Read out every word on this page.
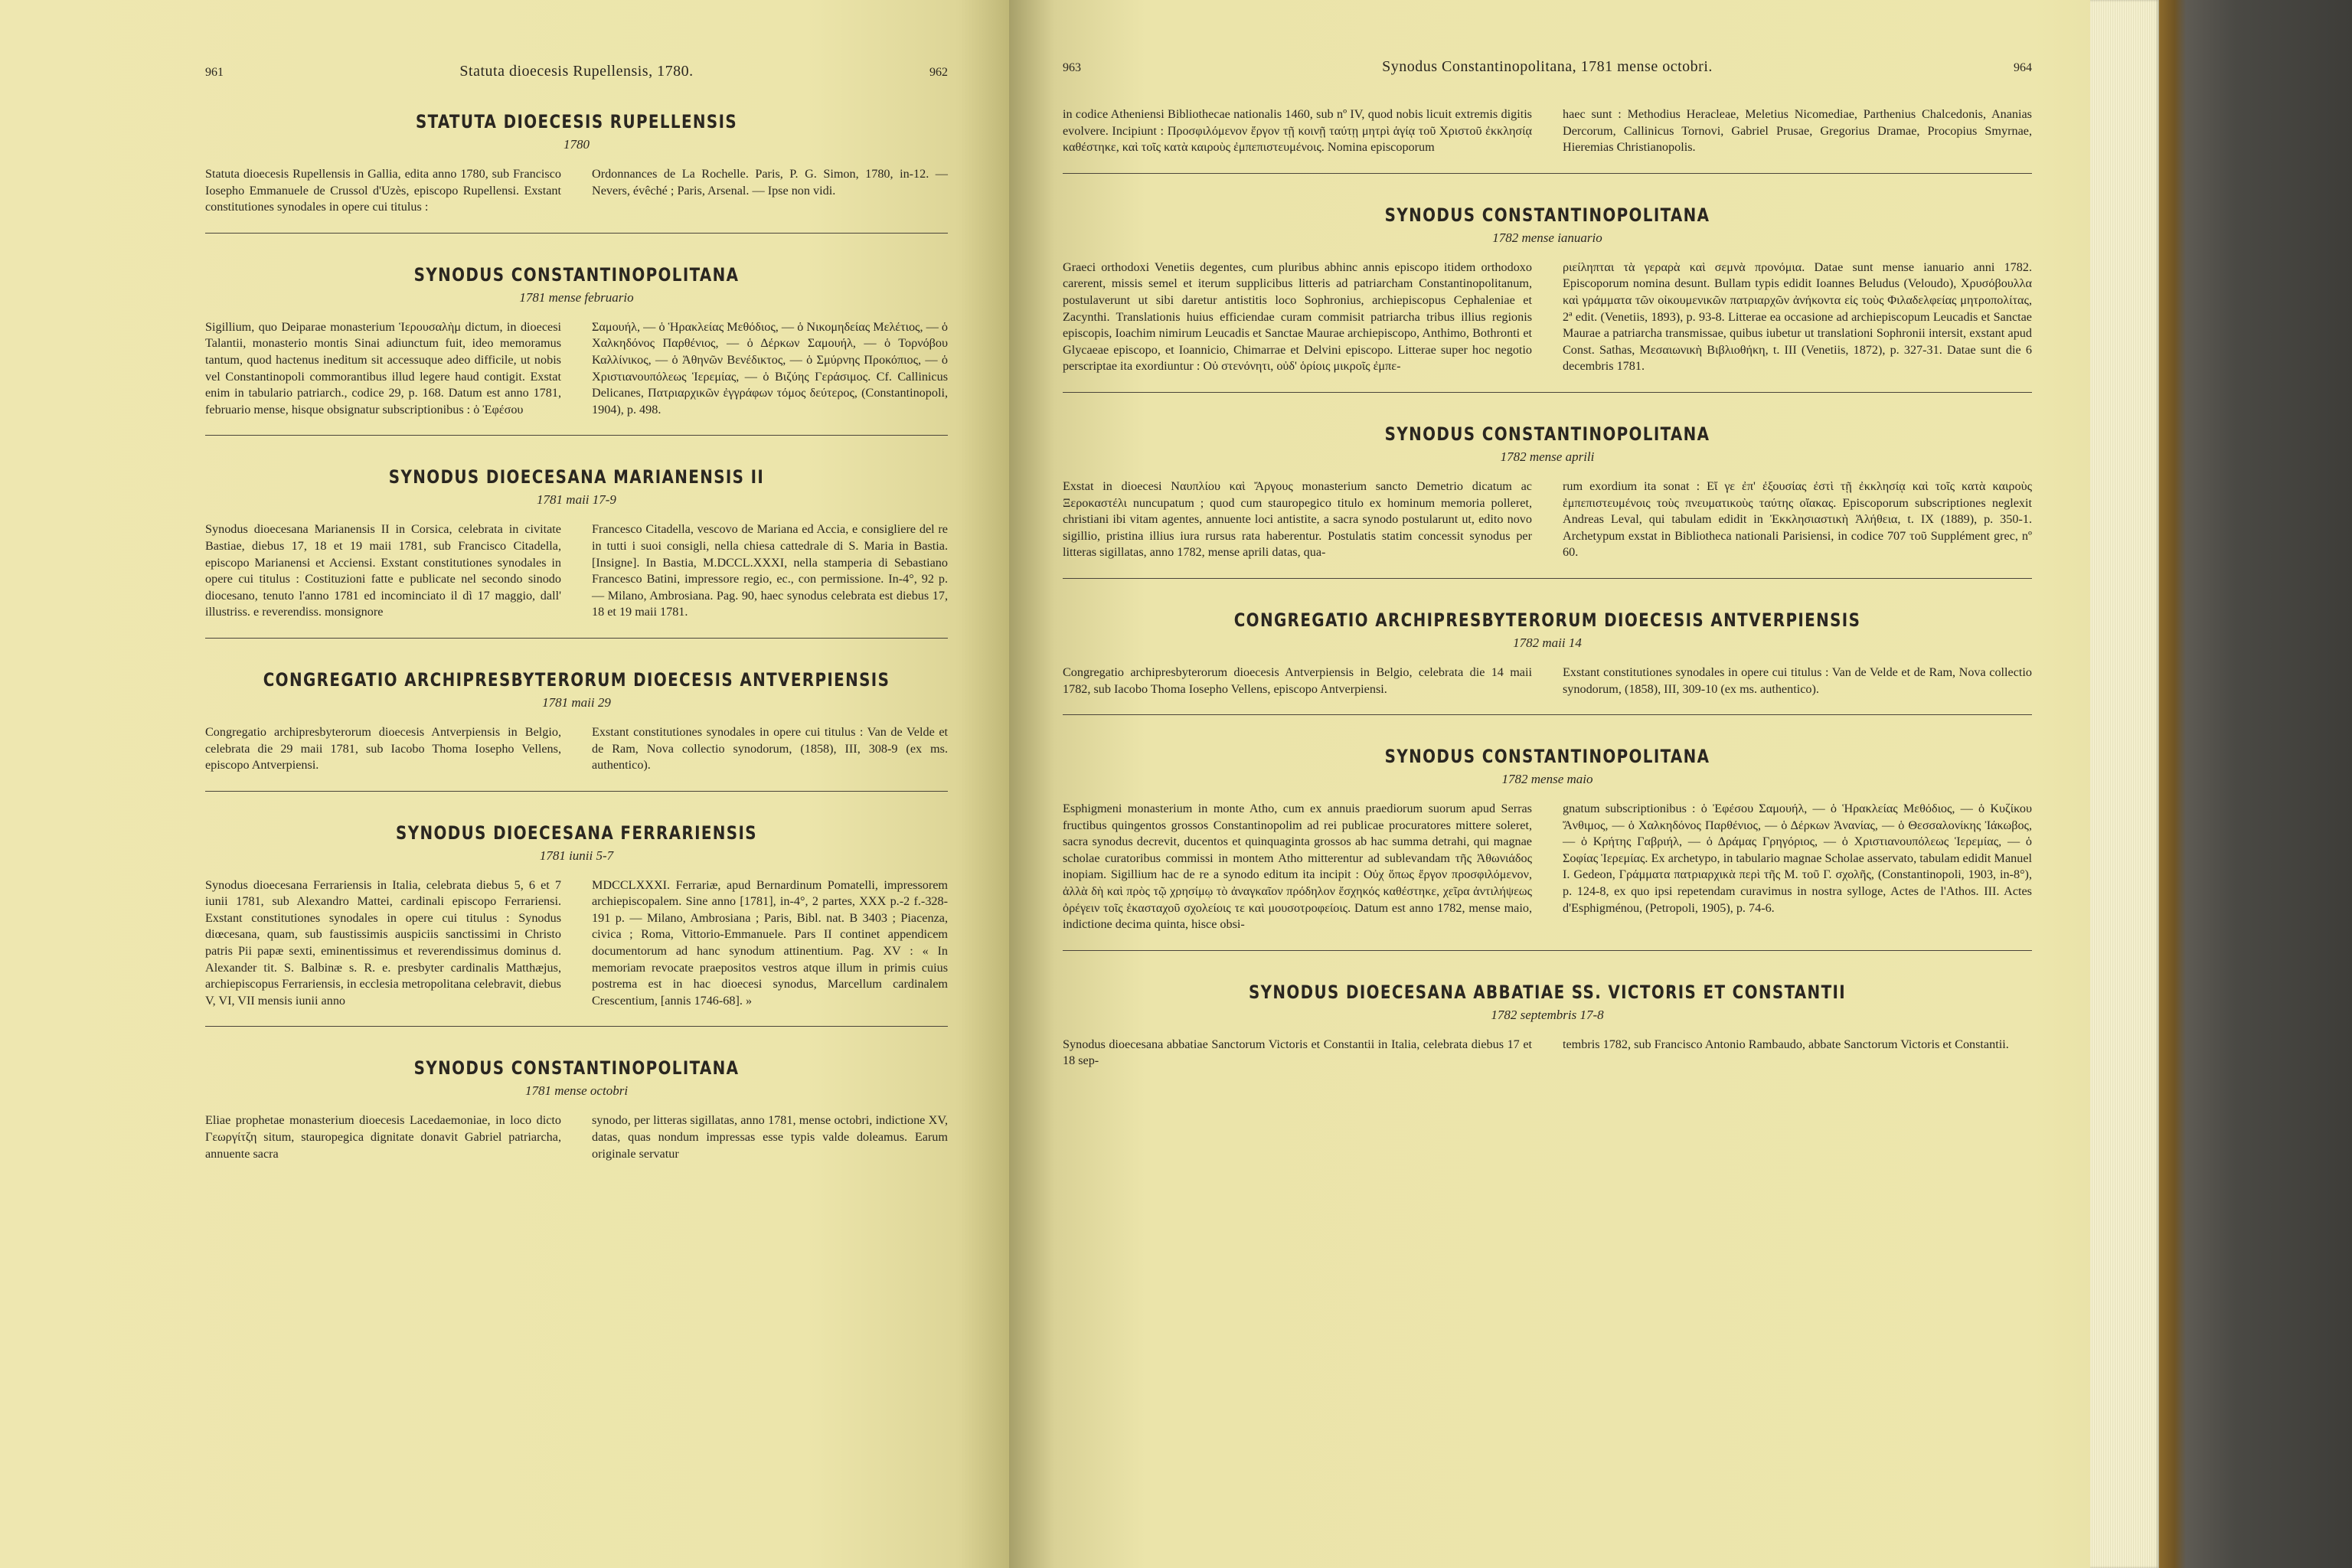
961	Statuta dioecesis Rupellensis, 1780.	962
STATUTA DIOECESIS RUPELLENSIS
1780

Statuta dioecesis Rupellensis in Gallia, edita anno 1780, sub Francisco Iosepho Emmanuele de Crussol d'Uzès, episcopo Rupellensi. Exstant constitutiones synodales in opere cui titulus :

Ordonnances de La Rochelle. Paris, P. G. Simon, 1780, in-12. — Nevers, évêché ; Paris, Arsenal. — Ipse non vidi.

SYNODUS CONSTANTINOPOLITANA
1781 mense februario

Sigillium, quo Deiparae monasterium Ἱερουσαλὴμ dictum, in dioecesi Talantii, monasterio montis Sinai adiunctum fuit, ideo memoramus tantum, quod hactenus ineditum sit accessuque adeo difficile, ut nobis vel Constantinopoli commorantibus illud legere haud contigit. Exstat enim in tabulario patriarch., codice 29, p. 168. Datum est anno 1781, februario mense, hisque obsignatur subscriptionibus : ὁ Ἐφέσου

Σαμουήλ, — ὁ Ἡρακλείας Μεθόδιος, — ὁ Νικομηδείας Μελέτιος, — ὁ Χαλκηδόνος Παρθένιος, — ὁ Δέρκων Σαμουήλ, — ὁ Τορνόβου Καλλίνικος, — ὁ Ἀθηνῶν Βενέδικτος, — ὁ Σμύρνης Προκόπιος, — ὁ Χριστιανουπόλεως Ἱερεμίας, — ὁ Βιζύης Γεράσιμος. Cf. Callinicus Delicanes, Πατριαρχικῶν ἐγγράφων τόμος δεύτερος, (Constantinopoli, 1904), p. 498.

SYNODUS DIOECESANA MARIANENSIS II
1781 maii 17-9

Synodus dioecesana Marianensis II in Corsica, celebrata in civitate Bastiae, diebus 17, 18 et 19 maii 1781, sub Francisco Citadella, episcopo Marianensi et Acciensi. Exstant constitutiones synodales in opere cui titulus : Costituzioni fatte e publicate nel secondo sinodo diocesano, tenuto l'anno 1781 ed incominciato il dì 17 maggio, dall' illustriss. e reverendiss. monsignore

Francesco Citadella, vescovo de Mariana ed Accia, e consigliere del re in tutti i suoi consigli, nella chiesa cattedrale di S. Maria in Bastia. [Insigne]. In Bastia, M.DCCL.XXXI, nella stamperia di Sebastiano Francesco Batini, impressore regio, ec., con permissione. In-4°, 92 p. — Milano, Ambrosiana. Pag. 90, haec synodus celebrata est diebus 17, 18 et 19 maii 1781.

CONGREGATIO ARCHIPRESBYTERORUM DIOECESIS ANTVERPIENSIS
1781 maii 29

Congregatio archipresbyterorum dioecesis Antverpiensis in Belgio, celebrata die 29 maii 1781, sub Iacobo Thoma Iosepho Vellens, episcopo Antverpiensi.

Exstant constitutiones synodales in opere cui titulus : Van de Velde et de Ram, Nova collectio synodorum, (1858), III, 308-9 (ex ms. authentico).

SYNODUS DIOECESANA FERRARIENSIS
1781 iunii 5-7

Synodus dioecesana Ferrariensis in Italia, celebrata diebus 5, 6 et 7 iunii 1781, sub Alexandro Mattei, cardinali episcopo Ferrariensi. Exstant constitutiones synodales in opere cui titulus : Synodus diœcesana, quam, sub faustissimis auspiciis sanctissimi in Christo patris Pii papæ sexti, eminentissimus et reverendissimus dominus d. Alexander tit. S. Balbinæ s. R. e. presbyter cardinalis Matthæjus, archiepiscopus Ferrariensis, in ecclesia metropolitana celebravit, diebus V, VI, VII mensis iunii anno

MDCCLXXXI. Ferrariæ, apud Bernardinum Pomatelli, impressorem archiepiscopalem. Sine anno [1781], in-4°, 2 partes, XXX p.-2 f.-328-191 p. — Milano, Ambrosiana ; Paris, Bibl. nat. B 3403 ; Piacenza, civica ; Roma, Vittorio-Emmanuele. Pars II continet appendicem documentorum ad hanc synodum attinentium. Pag. XV : « In memoriam revocate praepositos vestros atque illum in primis cuius postrema est in hac dioecesi synodus, Marcellum cardinalem Crescentium, [annis 1746-68]. »

SYNODUS CONSTANTINOPOLITANA
1781 mense octobri

Eliae prophetae monasterium dioecesis Lacedaemoniae, in loco dicto Γεωργίτζη situm, stauropegica dignitate donavit Gabriel patriarcha, annuente sacra

synodo, per litteras sigillatas, anno 1781, mense octobri, indictione XV, datas, quas nondum impressas esse typis valde doleamus. Earum originale servatur

963	Synodus Constantinopolitana, 1781 mense octobri.	964

in codice Atheniensi Bibliothecae nationalis 1460, sub nº IV, quod nobis licuit extremis digitis evolvere. Incipiunt : Προσφιλόμενον ἔργον τῇ κοινῇ ταύτῃ μητρὶ ἁγίᾳ τοῦ Χριστοῦ ἐκκλησίᾳ καθέστηκε, καὶ τοῖς κατὰ καιροὺς ἐμπεπιστευμένοις. Nomina episcoporum

haec sunt : Methodius Heracleae, Meletius Nicomediae, Parthenius Chalcedonis, Ananias Dercorum, Callinicus Tornovi, Gabriel Prusae, Gregorius Dramae, Procopius Smyrnae, Hieremias Christianopolis.

SYNODUS CONSTANTINOPOLITANA
1782 mense ianuario

Graeci orthodoxi Venetiis degentes, cum pluribus abhinc annis episcopo itidem orthodoxo carerent, missis semel et iterum supplicibus litteris ad patriarcham Constantinopolitanum, postulaverunt ut sibi daretur antistitis loco Sophronius, archiepiscopus Cephaleniae et Zacynthi. Translationis huius efficiendae curam commisit patriarcha tribus illius regionis episcopis, Ioachim nimirum Leucadis et Sanctae Maurae archiepiscopo, Anthimo, Bothronti et Glycaeae episcopo, et Ioannicio, Chimarrae et Delvini episcopo. Litterae super hoc negotio perscriptae ita exordiuntur : Οὐ στενόνητι, οὐδ' ὁρίοις μικροῖς ἐμπε-

ριείληπται τὰ γεραρὰ καὶ σεμνὰ προνόμια. Datae sunt mense ianuario anni 1782. Episcoporum nomina desunt. Bullam typis edidit Ioannes Beludus (Veloudo), Χρυσόβουλλα καὶ γράμματα τῶν οἰκουμενικῶν πατριαρχῶν ἀνήκοντα εἰς τοὺς Φιλαδελφείας μητροπολίτας, 2ª edit. (Venetiis, 1893), p. 93-8. Litterae ea occasione ad archiepiscopum Leucadis et Sanctae Maurae a patriarcha transmissae, quibus iubetur ut translationi Sophronii intersit, exstant apud Const. Sathas, Μεσαιωνικὴ Βιβλιοθήκη, t. III (Venetiis, 1872), p. 327-31. Datae sunt die 6 decembris 1781.

SYNODUS CONSTANTINOPOLITANA
1782 mense aprili

Exstat in dioecesi Ναυπλίου καὶ Ἄργους monasterium sancto Demetrio dicatum ac Ξεροκαστέλι nuncupatum ; quod cum stauropegico titulo ex hominum memoria polleret, christiani ibi vitam agentes, annuente loci antistite, a sacra synodo postularunt ut, edito novo sigillio, pristina illius iura rursus rata haberentur. Postulatis statim concessit synodus per litteras sigillatas, anno 1782, mense aprili datas, qua-

rum exordium ita sonat : Εἴ γε ἐπ' ἐξουσίας ἐστὶ τῇ ἐκκλησίᾳ καὶ τοῖς κατὰ καιροὺς ἐμπεπιστευμένοις τοὺς πνευματικοὺς ταύτης οἴακας. Episcoporum subscriptiones neglexit Andreas Leval, qui tabulam edidit in Ἐκκλησιαστικὴ Ἀλήθεια, t. IX (1889), p. 350-1. Archetypum exstat in Bibliotheca nationali Parisiensi, in codice 707 τοῦ Supplément grec, nº 60.

CONGREGATIO ARCHIPRESBYTERORUM DIOECESIS ANTVERPIENSIS
1782 maii 14

Congregatio archipresbyterorum dioecesis Antverpiensis in Belgio, celebrata die 14 maii 1782, sub Iacobo Thoma Iosepho Vellens, episcopo Antverpiensi.

Exstant constitutiones synodales in opere cui titulus : Van de Velde et de Ram, Nova collectio synodorum, (1858), III, 309-10 (ex ms. authentico).

SYNODUS CONSTANTINOPOLITANA
1782 mense maio

Esphigmeni monasterium in monte Atho, cum ex annuis praediorum suorum apud Serras fructibus quingentos grossos Constantinopolim ad rei publicae procuratores mittere soleret, sacra synodus decrevit, ducentos et quinquaginta grossos ab hac summa detrahi, qui magnae scholae curatoribus commissi in montem Atho mitterentur ad sublevandam τῆς Ἀθωνιάδος inopiam. Sigillium hac de re a synodo editum ita incipit : Οὐχ ὅπως ἔργον προσφιλόμενον, ἀλλὰ δὴ καὶ πρὸς τῷ χρησίμῳ τὸ ἀναγκαῖον πρόδηλον ἔσχηκός καθέστηκε, χεῖρα ἀντιλήψεως ὀρέγειν τοῖς ἑκασταχοῦ σχολείοις τε καὶ μουσοτροφείοις. Datum est anno 1782, mense maio, indictione decima quinta, hisce obsi-

gnatum subscriptionibus : ὁ Ἐφέσου Σαμουήλ, — ὁ Ἡρακλείας Μεθόδιος, — ὁ Κυζίκου Ἄνθιμος, — ὁ Χαλκηδόνος Παρθένιος, — ὁ Δέρκων Ἀνανίας, — ὁ Θεσσαλονίκης Ἰάκωβος, — ὁ Κρήτης Γαβριήλ, — ὁ Δράμας Γρηγόριος, — ὁ Χριστιανουπόλεως Ἱερεμίας, — ὁ Σοφίας Ἱερεμίας. Ex archetypo, in tabulario magnae Scholae asservato, tabulam edidit Manuel I. Gedeon, Γράμματα πατριαρχικὰ περὶ τῆς Μ. τοῦ Γ. σχολῆς, (Constantinopoli, 1903, in-8°), p. 124-8, ex quo ipsi repetendam curavimus in nostra sylloge, Actes de l'Athos. III. Actes d'Esphigménou, (Petropoli, 1905), p. 74-6.

SYNODUS DIOECESANA ABBATIAE SS. VICTORIS ET CONSTANTII
1782 septembris 17-8

Synodus dioecesana abbatiae Sanctorum Victoris et Constantii in Italia, celebrata diebus 17 et 18 sep-

tembris 1782, sub Francisco Antonio Rambaudo, abbate Sanctorum Victoris et Constantii.
